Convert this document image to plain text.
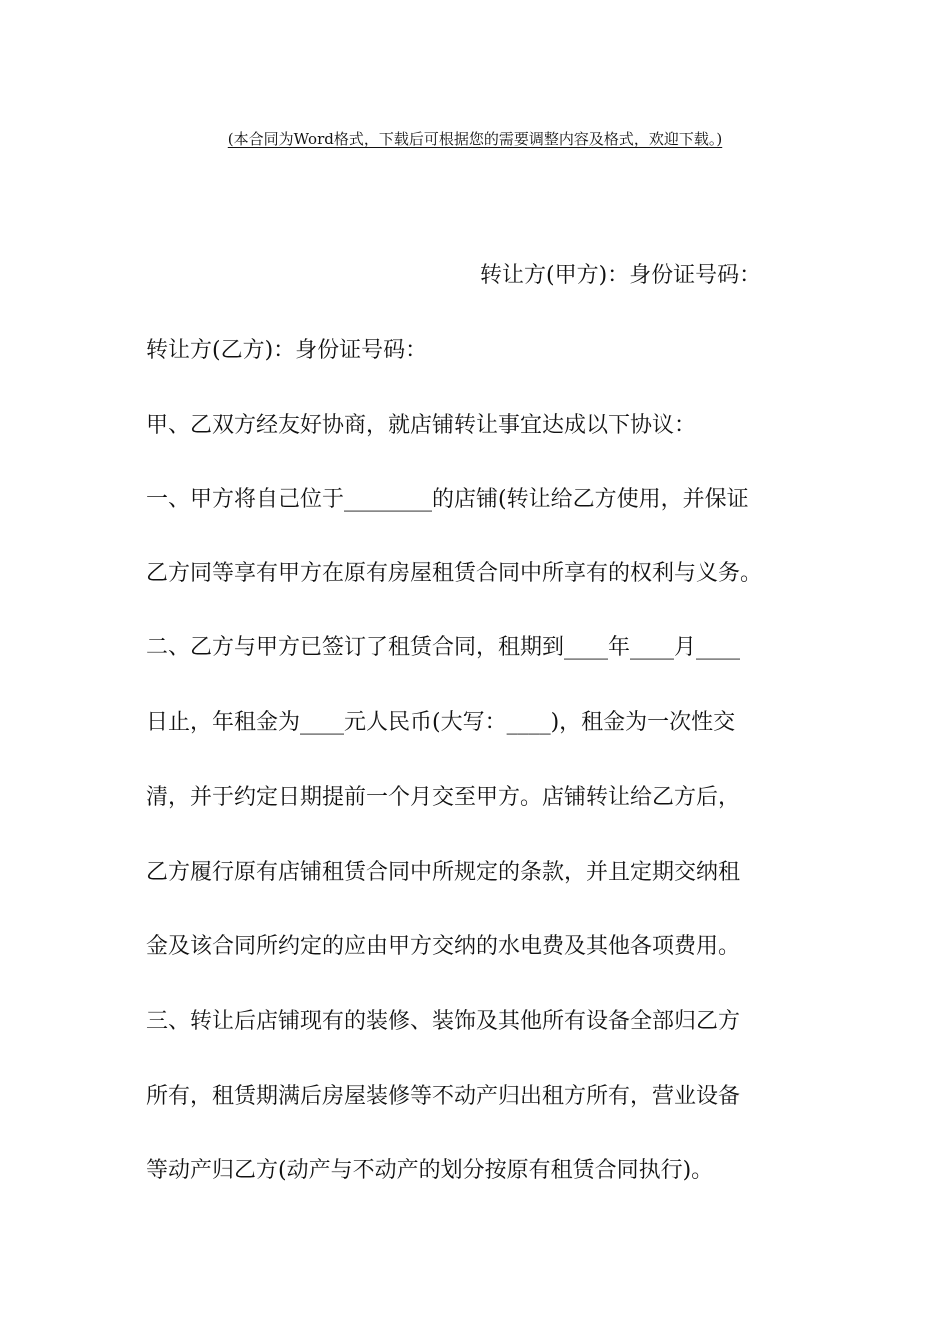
(本合同为Word格式，下载后可根据您的需要调整内容及格式，欢迎下载。)
转让方(甲方)：身份证号码：
转让方(乙方)：身份证号码：
甲、乙双方经友好协商，就店铺转让事宜达成以下协议：
一、甲方将自己位于________的店铺(转让给乙方使用，并保证
乙方同等享有甲方在原有房屋租赁合同中所享有的权利与义务。
二、乙方与甲方已签订了租赁合同，租期到____年____月____
日止，年租金为____元人民币(大写：____)，租金为一次性交
清，并于约定日期提前一个月交至甲方。店铺转让给乙方后，
乙方履行原有店铺租赁合同中所规定的条款，并且定期交纳租
金及该合同所约定的应由甲方交纳的水电费及其他各项费用。
三、转让后店铺现有的装修、装饰及其他所有设备全部归乙方
所有，租赁期满后房屋装修等不动产归出租方所有，营业设备
等动产归乙方(动产与不动产的划分按原有租赁合同执行)。
